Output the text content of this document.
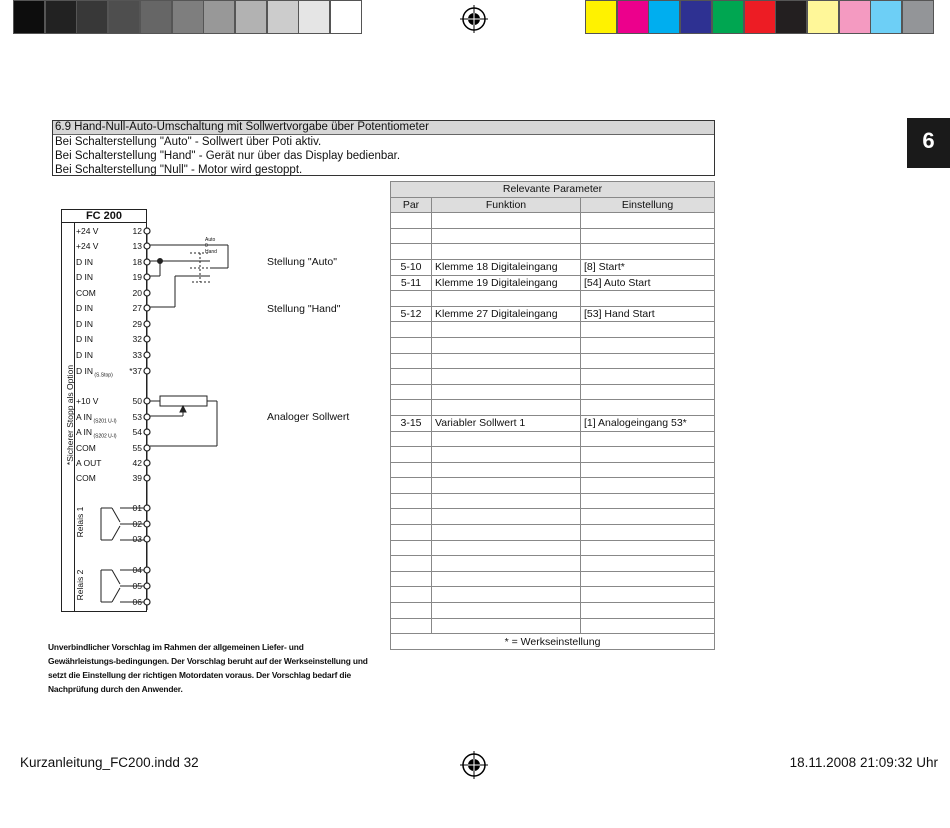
6
6.9 Hand-Null-Auto-Umschaltung mit Sollwertvorgabe über Potentiometer
Bei Schalterstellung "Auto" - Sollwert über Poti aktiv.
Bei Schalterstellung "Hand" - Gerät nur über das Display bedienbar.
Bei Schalterstellung "Null" - Motor wird gestoppt.
FC 200
+24 V	12
+24 V	13
D IN	18
D IN	19
COM	20
D IN	27
D IN	29
D IN	32
D IN	33
D IN $_{(S.Stop)}$ *37
+10 V	50
A IN $_{(S201 U-I)}$ 53
A IN $_{(S202 U-I)}$ 54
COM	55
A OUT	42
COM	39
01
02
03
04
05
06
*Sicherer Stopp als Option
Relais 1
Relais 2
Auto
0
Hand
Stellung "Auto"
Stellung "Hand"
Analoger Sollwert
Relevante Parameter		
Par	Funktion	Einstellung

5-10	Klemme 18 Digitaleingang	[8] Start*
5-11	Klemme 19 Digitaleingang	[54] Auto Start

5-12	Klemme 27 Digitaleingang	[53] Hand Start

3-15	Variabler Sollwert 1	[1] Analogeingang 53*

* = Werkseinstellung		
Unverbindlicher Vorschlag im Rahmen der allgemeinen Liefer- und Gewährleistungs-bedingungen. Der Vorschlag beruht auf der Werkseinstellung und setzt die Einstellung der richtigen Motordaten voraus. Der Vorschlag bedarf die Nachprüfung durch den Anwender.
Kurzanleitung_FC200.indd 32	18.11.2008 21:09:32 Uhr
